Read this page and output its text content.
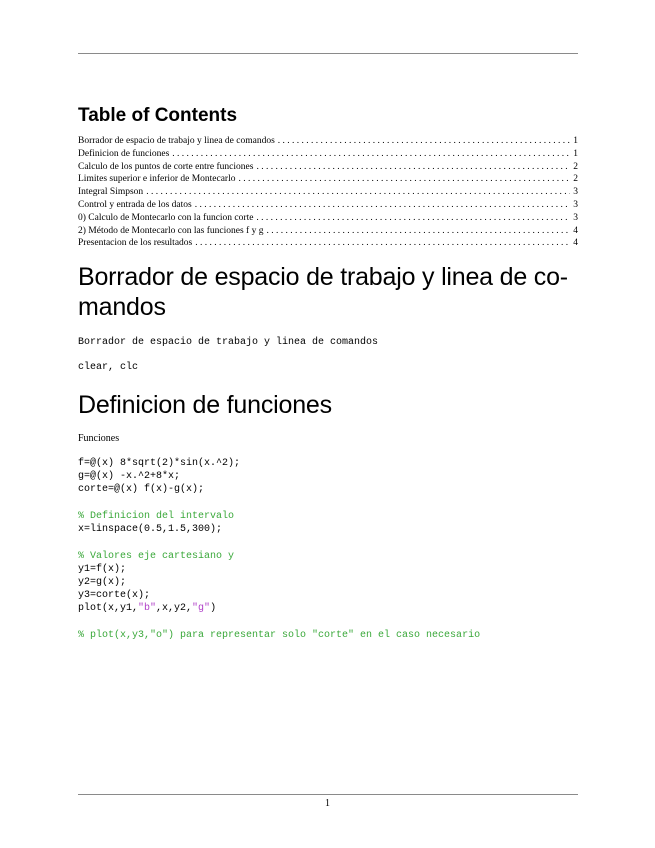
Table of Contents
Borrador de espacio de trabajo y linea de comandos . . .	1
Definicion de funciones . . .	1
Calculo de los puntos de corte entre funciones . . .	2
Limites superior e inferior de Montecarlo . . .	2
Integral Simpson . . .	3
Control y entrada de los datos . . .	3
0) Calculo de Montecarlo con la funcion corte . . .	3
2) Método de Montecarlo con las funciones f y g . . .	4
Presentacion de los resultados . . .	4
Borrador de espacio de trabajo y linea de co-
mandos
Borrador de espacio de trabajo y linea de comandos
clear, clc
Definicion de funciones
Funciones
f=@(x) 8*sqrt(2)*sin(x.^2);
g=@(x) -x.^2+8*x;
corte=@(x) f(x)-g(x);
% Definicion del intervalo
x=linspace(0.5,1.5,300);
% Valores eje cartesiano y
y1=f(x);
y2=g(x);
y3=corte(x);
plot(x,y1,"b",x,y2,"g")
% plot(x,y3,"o") para representar solo "corte" en el caso necesario
1
